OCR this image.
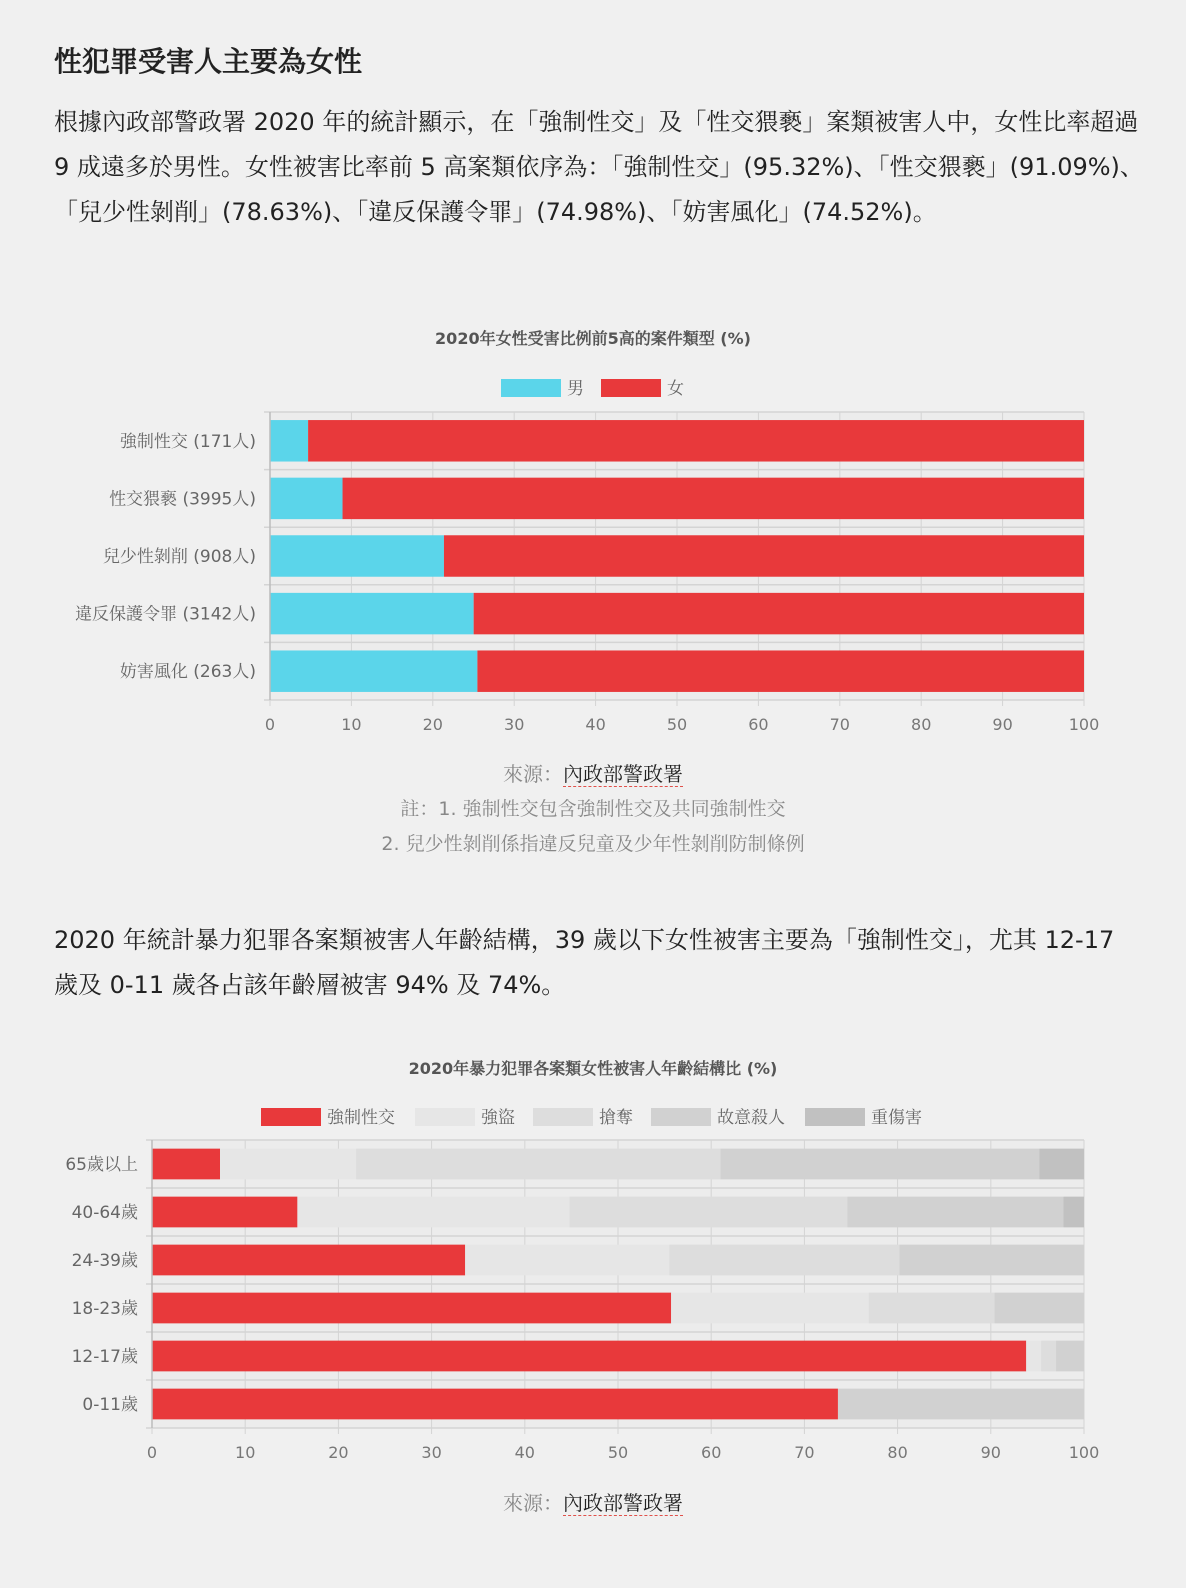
性犯罪受害人主要為女性

根據內政部警政署 2020 年的統計顯示，在「強制性交」及「性交猥褻」案類被害人中，女性比率超過 9 成遠多於男性。女性被害比率前 5 高案類依序為：「強制性交」(95.32%)、「性交猥褻」(91.09%)、「兒少性剝削」(78.63%)、「違反保護令罪」(74.98%)、「妨害風化」(74.52%)。

2020年女性受害比例前5高的案件類型 (%)
男	女
0	10	20	30	40	50	60	70	80	90	100
強制性交 (171人)
性交猥褻 (3995人)
兒少性剝削 (908人)
違反保護令罪 (3142人)
妨害風化 (263人)

來源：內政部警政署

註：1. 強制性交包含強制性交及共同強制性交

2. 兒少性剝削係指違反兒童及少年性剝削防制條例

2020 年統計暴力犯罪各案類被害人年齡結構，39 歲以下女性被害主要為「強制性交」，尤其 12-17 歲及 0-11 歲各占該年齡層被害 94% 及 74%。

2020年暴力犯罪各案類女性被害人年齡結構比 (%)
強制性交	強盜	搶奪	故意殺人	重傷害
0	10	20	30	40	50	60	70	80	90	100
65歲以上
40-64歲
24-39歲
18-23歲
12-17歲
0-11歲

來源：內政部警政署
